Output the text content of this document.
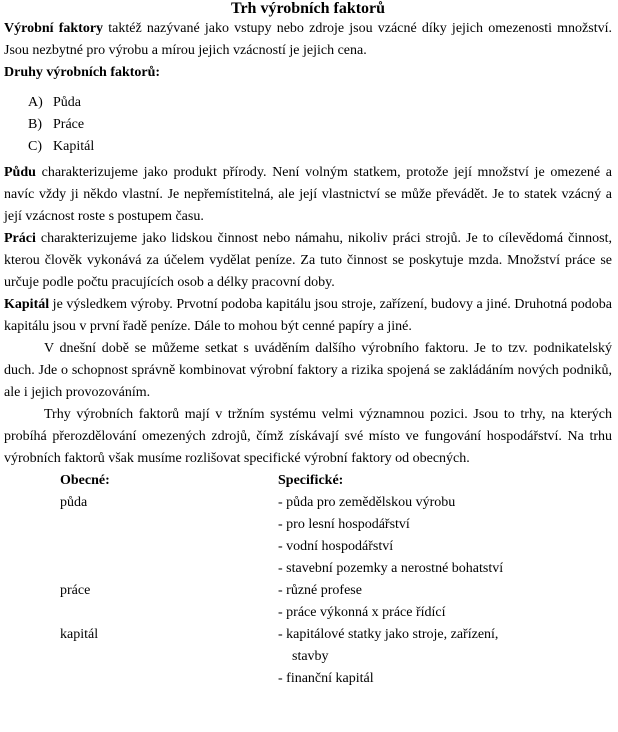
Trh výrobních faktorů

Výrobní faktory taktéž nazývané jako vstupy nebo zdroje jsou vzácné díky jejich omezenosti množství. Jsou nezbytné pro výrobu a mírou jejich vzácností je jejich cena.

Druhy výrobních faktorů:

A) Půda
B) Práce
C) Kapitál

Půdu charakterizujeme jako produkt přírody. Není volným statkem, protože její množství je omezené a navíc vždy ji někdo vlastní. Je nepřemístitelná, ale její vlastnictví se může převádět. Je to statek vzácný a její vzácnost roste s postupem času.

Práci charakterizujeme jako lidskou činnost nebo námahu, nikoliv práci strojů. Je to cílevědomá činnost, kterou člověk vykonává za účelem vydělat peníze. Za tuto činnost se poskytuje mzda. Množství práce se určuje podle počtu pracujících osob a délky pracovní doby.

Kapitál je výsledkem výroby. Prvotní podoba kapitálu jsou stroje, zařízení, budovy a jiné. Druhotná podoba kapitálu jsou v první řadě peníze. Dále to mohou být cenné papíry a jiné.

V dnešní době se můžeme setkat s uváděním dalšího výrobního faktoru. Je to tzv. podnikatelský duch. Jde o schopnost správně kombinovat výrobní faktory a rizika spojená se zakládáním nových podniků, ale i jejich provozováním.

Trhy výrobních faktorů mají v tržním systému velmi významnou pozici. Jsou to trhy, na kterých probíhá přerozdělování omezených zdrojů, čímž získávají své místo ve fungování hospodářství. Na trhu výrobních faktorů však musíme rozlišovat specifické výrobní faktory od obecných.

Obecné:	Specifické:
půda	- půda pro zemědělskou výrobu
- pro lesní hospodářství
- vodní hospodářství
- stavební pozemky a nerostné bohatství
práce	- různé profese
- práce výkonná x práce řídící
kapitál	- kapitálové statky jako stroje, zařízení,
stavby
- finanční kapitál
